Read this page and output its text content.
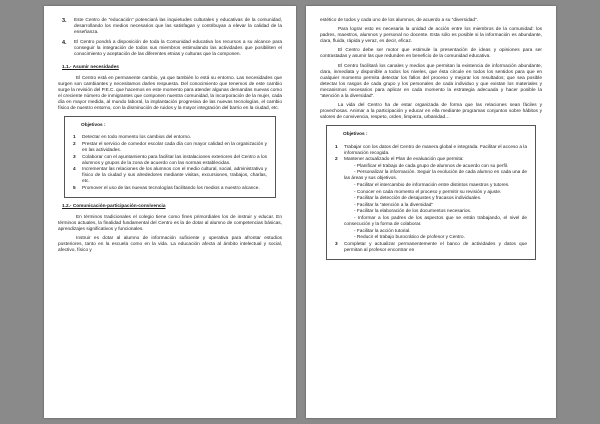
3.	Este Centro de “educación” potenciará las inquietudes culturales y educativas de la comunidad, desarrollando los medios necesarios que las satisfagan y contribuyan a elevar la calidad de la enseñanza.
4.	El Centro pondrá a disposición de toda la Comunidad educativa los recursos a su alcance para conseguir la integración de todos sus miembros estimulando las actividades que posibiliten el conocimiento y aceptación de las diferentes etnias y culturas que la componen.
1.1.- Asumir necesidades

El Centro está en permanente cambio, ya que también lo está su entorno. Las necesidades que surgen son cambiantes y necesitamos darles respuesta. Del conocimiento que tenemos de este cambio surge la revisión del P.E.C. que hacemos en este momento para atender algunas demandas nuevas como el creciente número de inmigrantes que componen nuestra comunidad, la incorporación de la mujer, cada día en mayor medida, al mundo laboral, la implantación progresiva de las nuevas tecnologías, el cambio físico de nuestro entorno, con la disminución de ruidos y la mayor integración del barrio en la ciudad, etc.

Objetivos :
1	Detectar en todo momento los cambios del entorno.
2	Prestar el servicio de comedor escolar cada día con mayor calidad en la organización y en las actividades.
3	Colaborar con el ayuntamiento para facilitar las instalaciones exteriores del Centro a los alumnos y grupos de la zona de acuerdo con las normas establecidas.
4	Incrementar las relaciones de los alumnos con el medio cultural, social, administrativo y físico de la ciudad y sus alrededores mediante visitas, excursiones, trabajos, charlas, etc.
5	Promover el uso de las nuevas tecnologías facilitando los medios a nuestro alcance.
1.2.- Comunicación-participación-convivencia

En términos tradicionales el colegio tiene como fines primordiales los de instruir y educar. En términos actuales, la finalidad fundamental del Centro es la de dotar al alumno de competencias básicas, aprendizajes significativos y funcionales.

Instruir es dotar al alumno de información suficiente y operativa para afrontar estudios posteriores, tanto en la escuela como en la vida. La educación afecta al ámbito intelectual y social, afectivo, físico y

estético de todos y cada uno de los alumnos, de acuerdo a su “diversidad”.

Para lograr esto es necesaria la unidad de acción entre los miembros de la comunidad: los padres, maestros, alumnos y personal no docente. Esta sólo es posible si la información es abundante, clara, fluida, rápida y veraz, es decir, eficaz.

El Centro debe ser motor que estimule la presentación de ideas y opiniones para ser contrastadas y asumir las que redunden en beneficio de la comunidad educativa.

El Centro facilitará los canales y medios que permitan la existencia de información abundante, clara, inmediata y disponible a todos los niveles, que ésta circule en todos los sentidos para que en cualquier momento permita detectar los fallos del proceso y mejorar los resultados; que sea posible detectar los rasgos de cada grupo y los personales de cada individuo y que existan los materiales y mecanismos necesarios para aplicar en cada momento la estrategia adecuada y hacer posible la “atención a la diversidad”.

La vida del Centro ha de estar organizada de forma que las relaciones sean fáciles y provechosas. Animar a la participación y educar en ella mediante programas conjuntos sobre hábitos y valores de convivencia, respeto, orden, limpieza, urbanidad…

Objetivos :
1	Trabajar con los datos del Centro de manera global e integrada. Facilitar el acceso a la información recogida.
2	Mantener actualizado el Plan de evaluación que permita:
- Planificar el trabajo de cada grupo de alumnos de acuerdo con su perfil.
- Personalizar la información. Seguir la evolución de cada alumno en cada una de las áreas y sus objetivos.
- Facilitar el intercambio de información entre distintos maestros y tutores.
- Conocer en cada momento el proceso y permitir su revisión y ajuste.
- Facilitar la detección de desajustes y fracasos individuales.
- Facilitar la “atención a la diversidad”
- Facilitar la elaboración de los documentos necesarios.
- Informar a los padres de los aspectos que se están trabajando, el nivel de consecución y la forma de colaborar.
- Facilitar la acción tutorial.
- Reducir el trabajo burocrático de profesor y Centro.
3	Completar y actualizar permanentemente el banco de actividades y datos que permitan al profesor encontrar en
